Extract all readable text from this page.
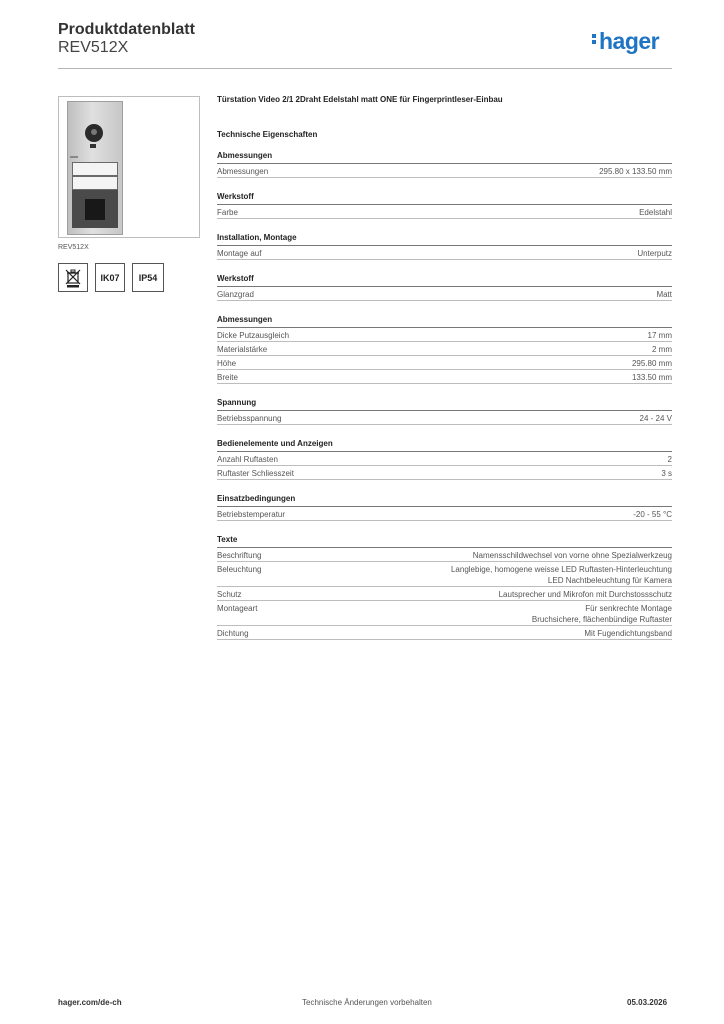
Produktdatenblatt
REV512X	hager
REV512X
IK07	IP54
Türstation Video 2/1 2Draht Edelstahl matt ONE für Fingerprintleser-Einbau
Technische Eigenschaften
Abmessungen
Abmessungen	295.80 x 133.50 mm
Werkstoff
Farbe	Edelstahl
Installation, Montage
Montage auf	Unterputz
Werkstoff
Glanzgrad	Matt
Abmessungen
Dicke Putzausgleich	17 mm
Materialstärke	2 mm
Höhe	295.80 mm
Breite	133.50 mm
Spannung
Betriebsspannung	24 - 24 V
Bedienelemente und Anzeigen
Anzahl Ruftasten	2
Ruftaster Schliesszeit	3 s
Einsatzbedingungen
Betriebstemperatur	-20 - 55 °C
Texte
Beschriftung	Namensschildwechsel von vorne ohne Spezialwerkzeug
Beleuchtung	Langlebige, homogene weisse LED Ruftasten-Hinterleuchtung
LED Nachtbeleuchtung für Kamera
Schutz	Lautsprecher und Mikrofon mit Durchstossschutz
Montageart	Für senkrechte Montage
Bruchsichere, flächenbündige Ruftaster
Dichtung	Mit Fugendichtungsband
hager.com/de-ch	Technische Änderungen vorbehalten	05.03.2026
